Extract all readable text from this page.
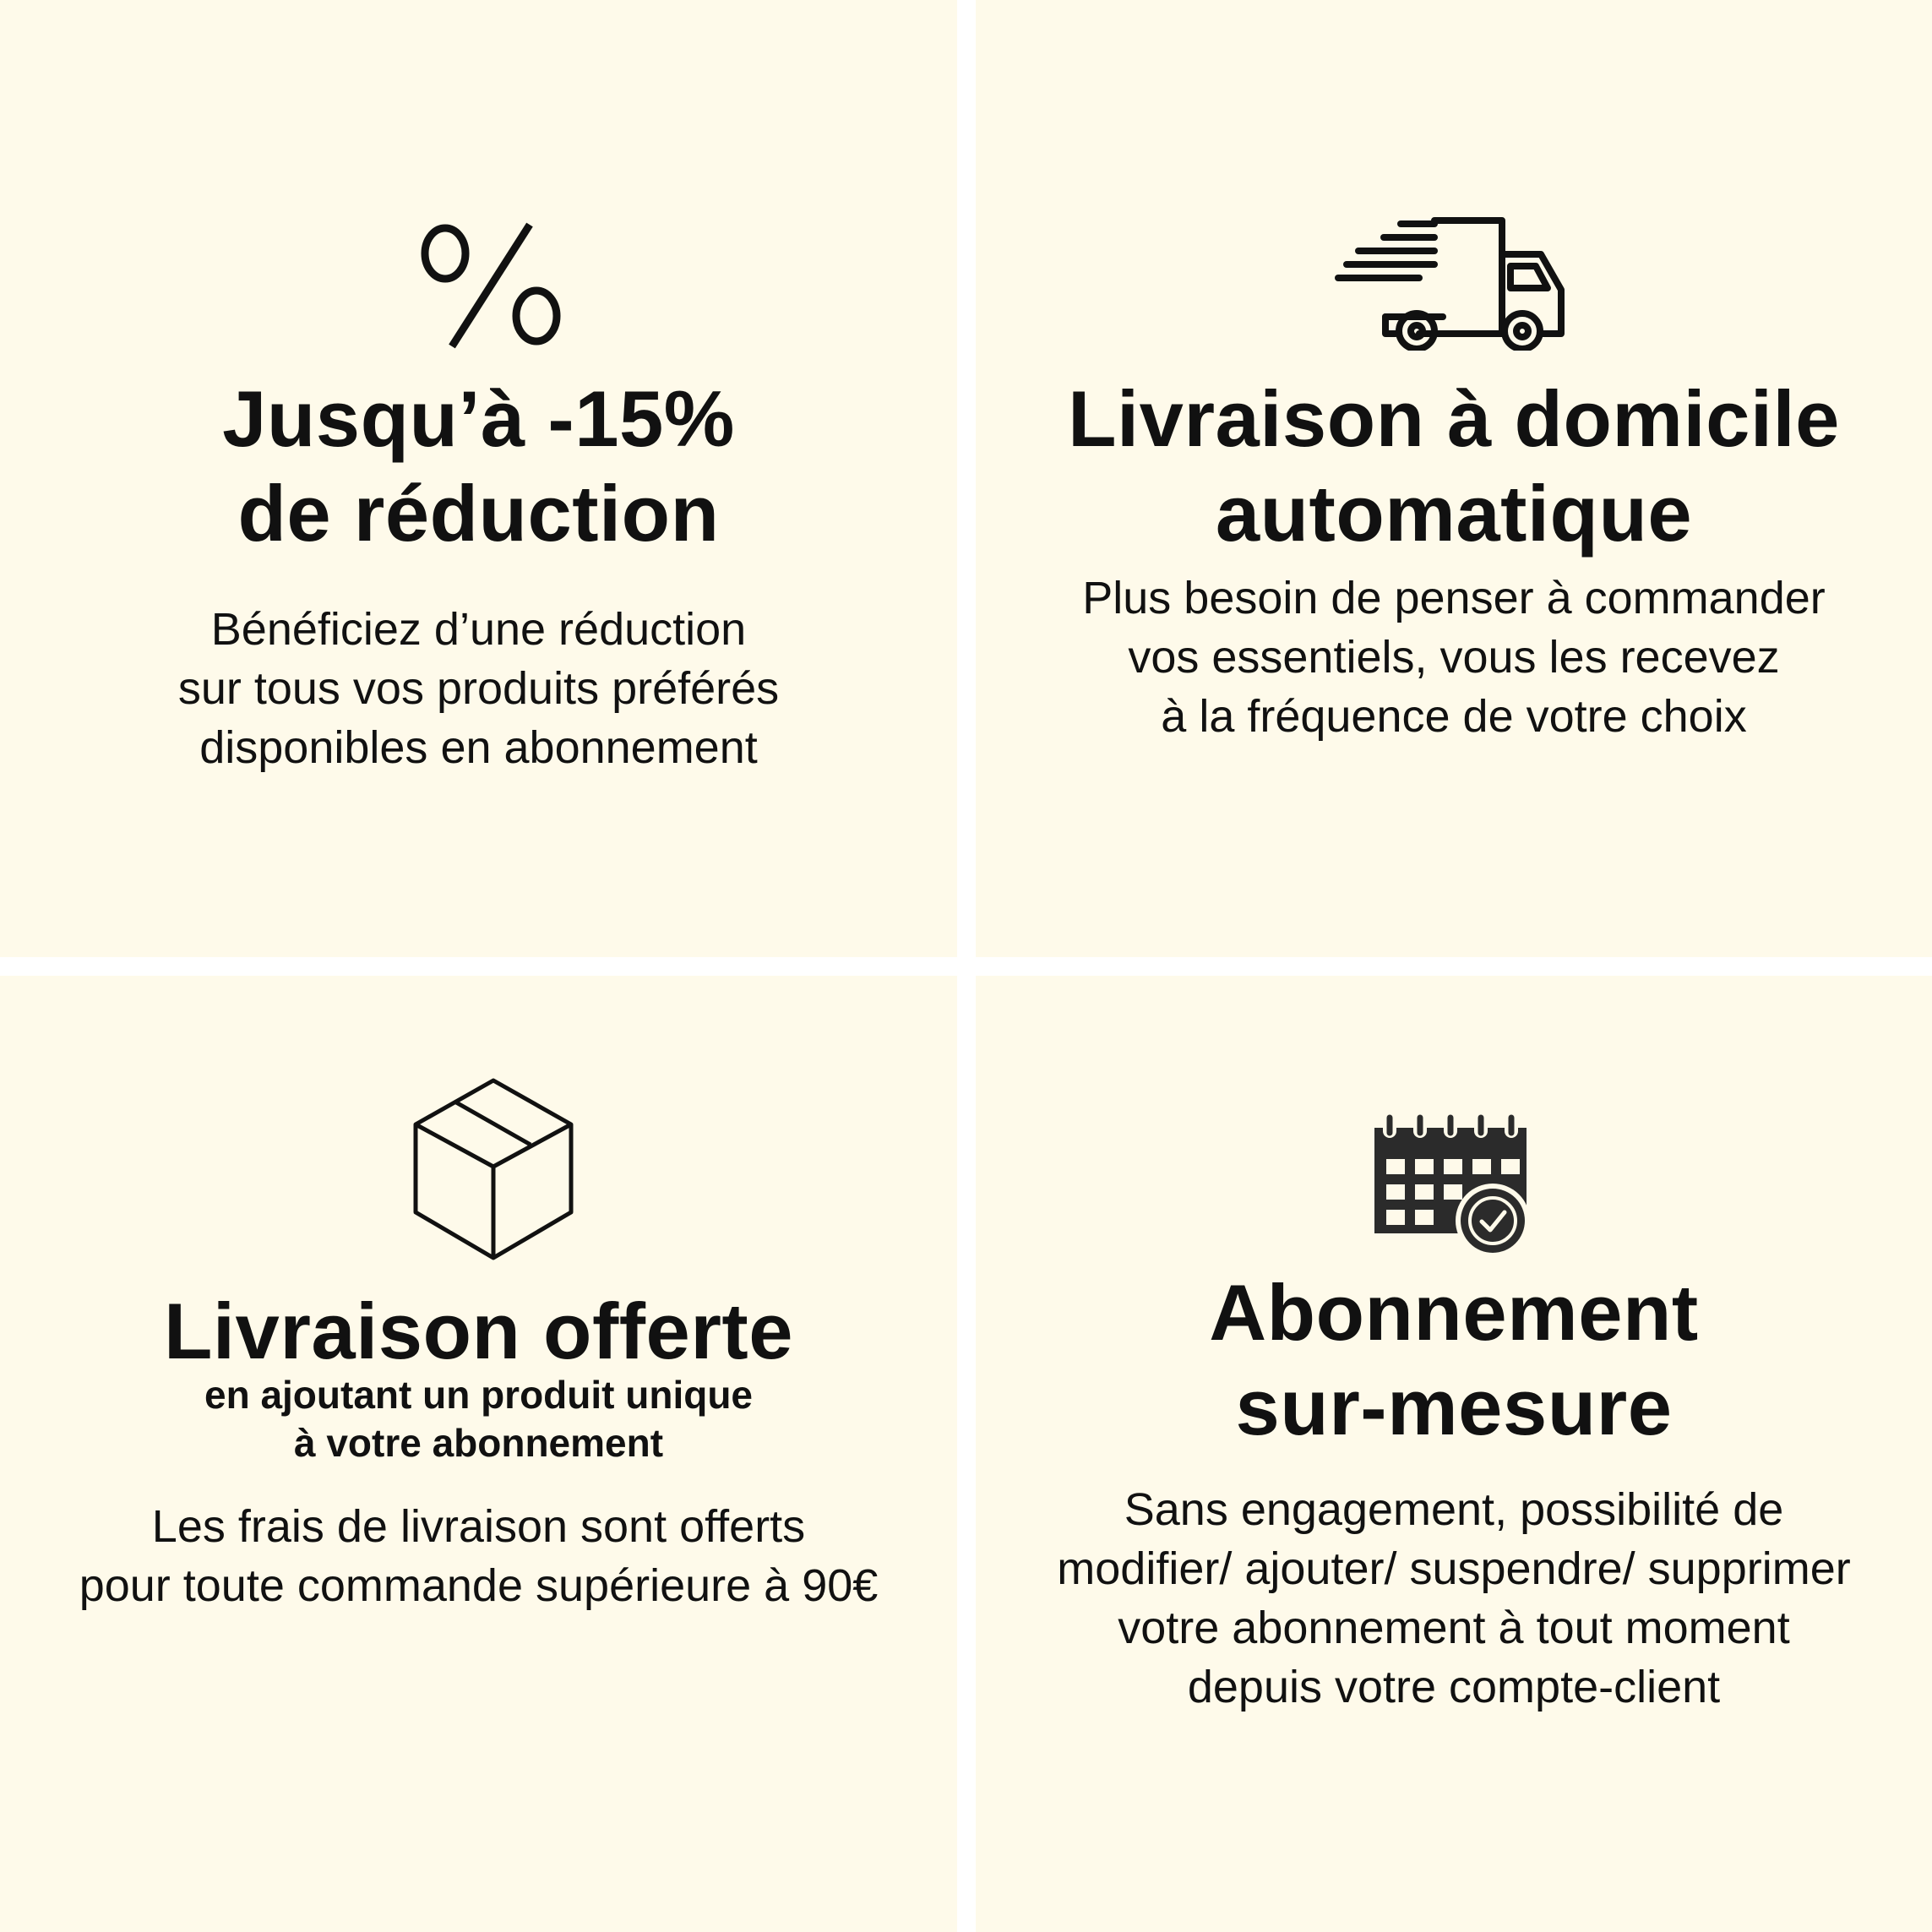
Jusqu’à -15%
de réduction

Bénéficiez d’une réduction
sur tous vos produits préférés
disponibles en abonnement

Livraison à domicile
automatique

Plus besoin de penser à commander
vos essentiels, vous les recevez
à la fréquence de votre choix

Livraison offerte

en ajoutant un produit unique
à votre abonnement

Les frais de livraison sont offerts
pour toute commande supérieure à 90€

Abonnement
sur-mesure

Sans engagement, possibilité de
modifier/ ajouter/ suspendre/ supprimer
votre abonnement à tout moment
depuis votre compte-client
